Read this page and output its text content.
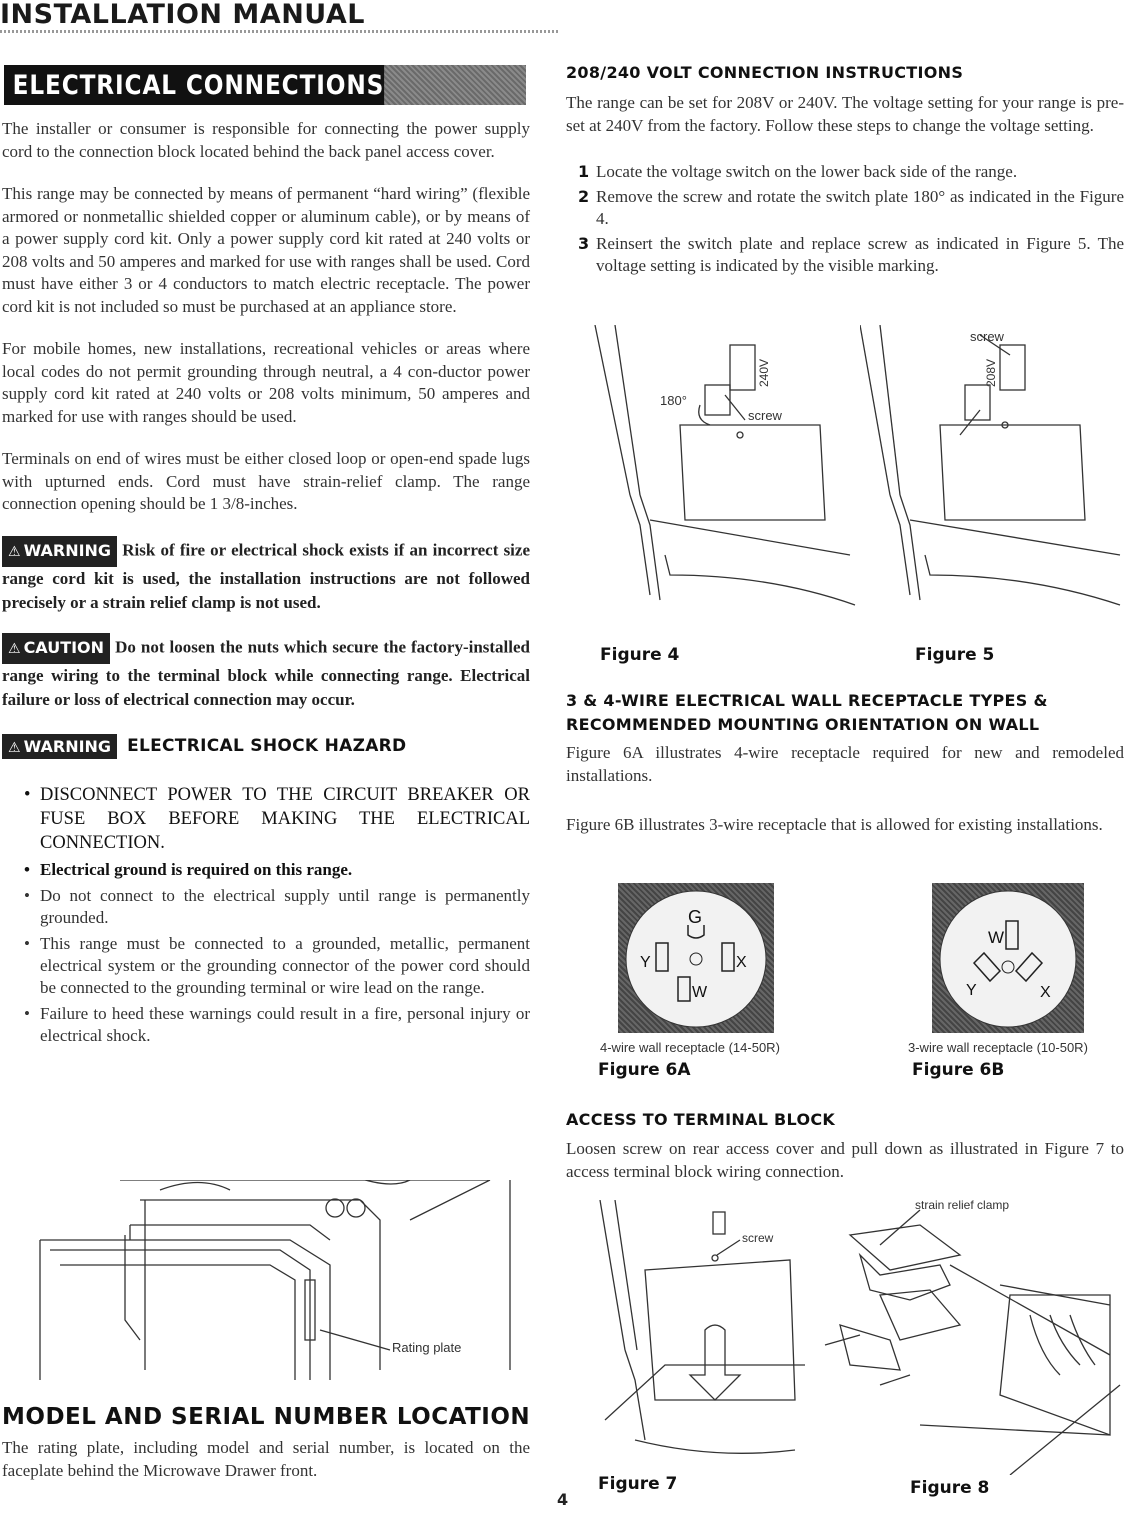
INSTALLATION MANUAL
ELECTRICAL CONNECTIONS

The installer or consumer is responsible for connecting the power supply cord to the connection block located behind the back panel access cover.

This range may be connected by means of permanent “hard wiring” (flexible armored or nonmetallic shielded copper or aluminum cable), or by means of a power supply cord kit. Only a power supply cord kit rated at 240 volts or 208 volts and 50 amperes and marked for use with ranges shall be used. Cord must have either 3 or 4 conductors to match electric receptacle. The power cord kit is not included so must be purchased at an appliance store.

For mobile homes, new installations, recreational vehicles or areas where local codes do not permit grounding through neutral, a 4 con-ductor power supply cord kit rated at 240 volts or 208 volts minimum, 50 amperes and marked for use with ranges should be used.

Terminals on end of wires must be either closed loop or open-end spade lugs with upturned ends. Cord must have strain-relief clamp. The range connection opening should be 1 3/8-inches.

⚠ WARNING Risk of fire or electrical shock exists if an incorrect size range cord kit is used, the installation instructions are not followed precisely or a strain relief clamp is not used.
⚠ CAUTION Do not loosen the nuts which secure the factory-installed range wiring to the terminal block while connecting range. Electrical failure or loss of electrical connection may occur.
⚠ WARNING ELECTRICAL SHOCK HAZARD
• DISCONNECT POWER TO THE CIRCUIT BREAKER OR FUSE BOX BEFORE MAKING THE ELECTRICAL CONNECTION.
• Electrical ground is required on this range.
• Do not connect to the electrical supply until range is permanently grounded.
• This range must be connected to a grounded, metallic, permanent electrical system or the grounding connector of the power cord should be connected to the grounding terminal or wire lead on the range.
• Failure to heed these warnings could result in a fire, personal injury or electrical shock.
Rating plate
MODEL AND SERIAL NUMBER LOCATION

The rating plate, including model and serial number, is located on the faceplate behind the Microwave Drawer front.

208/240 VOLT CONNECTION INSTRUCTIONS

The range can be set for 208V or 240V. The voltage setting for your range is pre-set at 240V from the factory. Follow these steps to change the voltage setting.

1 Locate the voltage switch on the lower back side of the range.
2 Remove the screw and rotate the switch plate 180° as indicated in the Figure 4.
3 Reinsert the switch plate and replace screw as indicated in Figure 5. The voltage setting is indicated by the visible marking.
180°
screw
240V
screw
208V
Figure 4	Figure 5
3 & 4-WIRE ELECTRICAL WALL RECEPTACLE TYPES &
RECOMMENDED MOUNTING ORIENTATION ON WALL

Figure 6A illustrates 4-wire receptacle required for new and remodeled installations.

Figure 6B illustrates 3-wire receptacle that is allowed for existing installations.

G
Y	X
W
W
Y	X
4-wire wall receptacle (14-50R)	3-wire wall receptacle (10-50R)
Figure 6A	Figure 6B
ACCESS TO TERMINAL BLOCK

Loosen screw on rear access cover and pull down as illustrated in Figure 7 to access terminal block wiring connection.

screw
strain relief clamp
Figure 7	Figure 8
4
